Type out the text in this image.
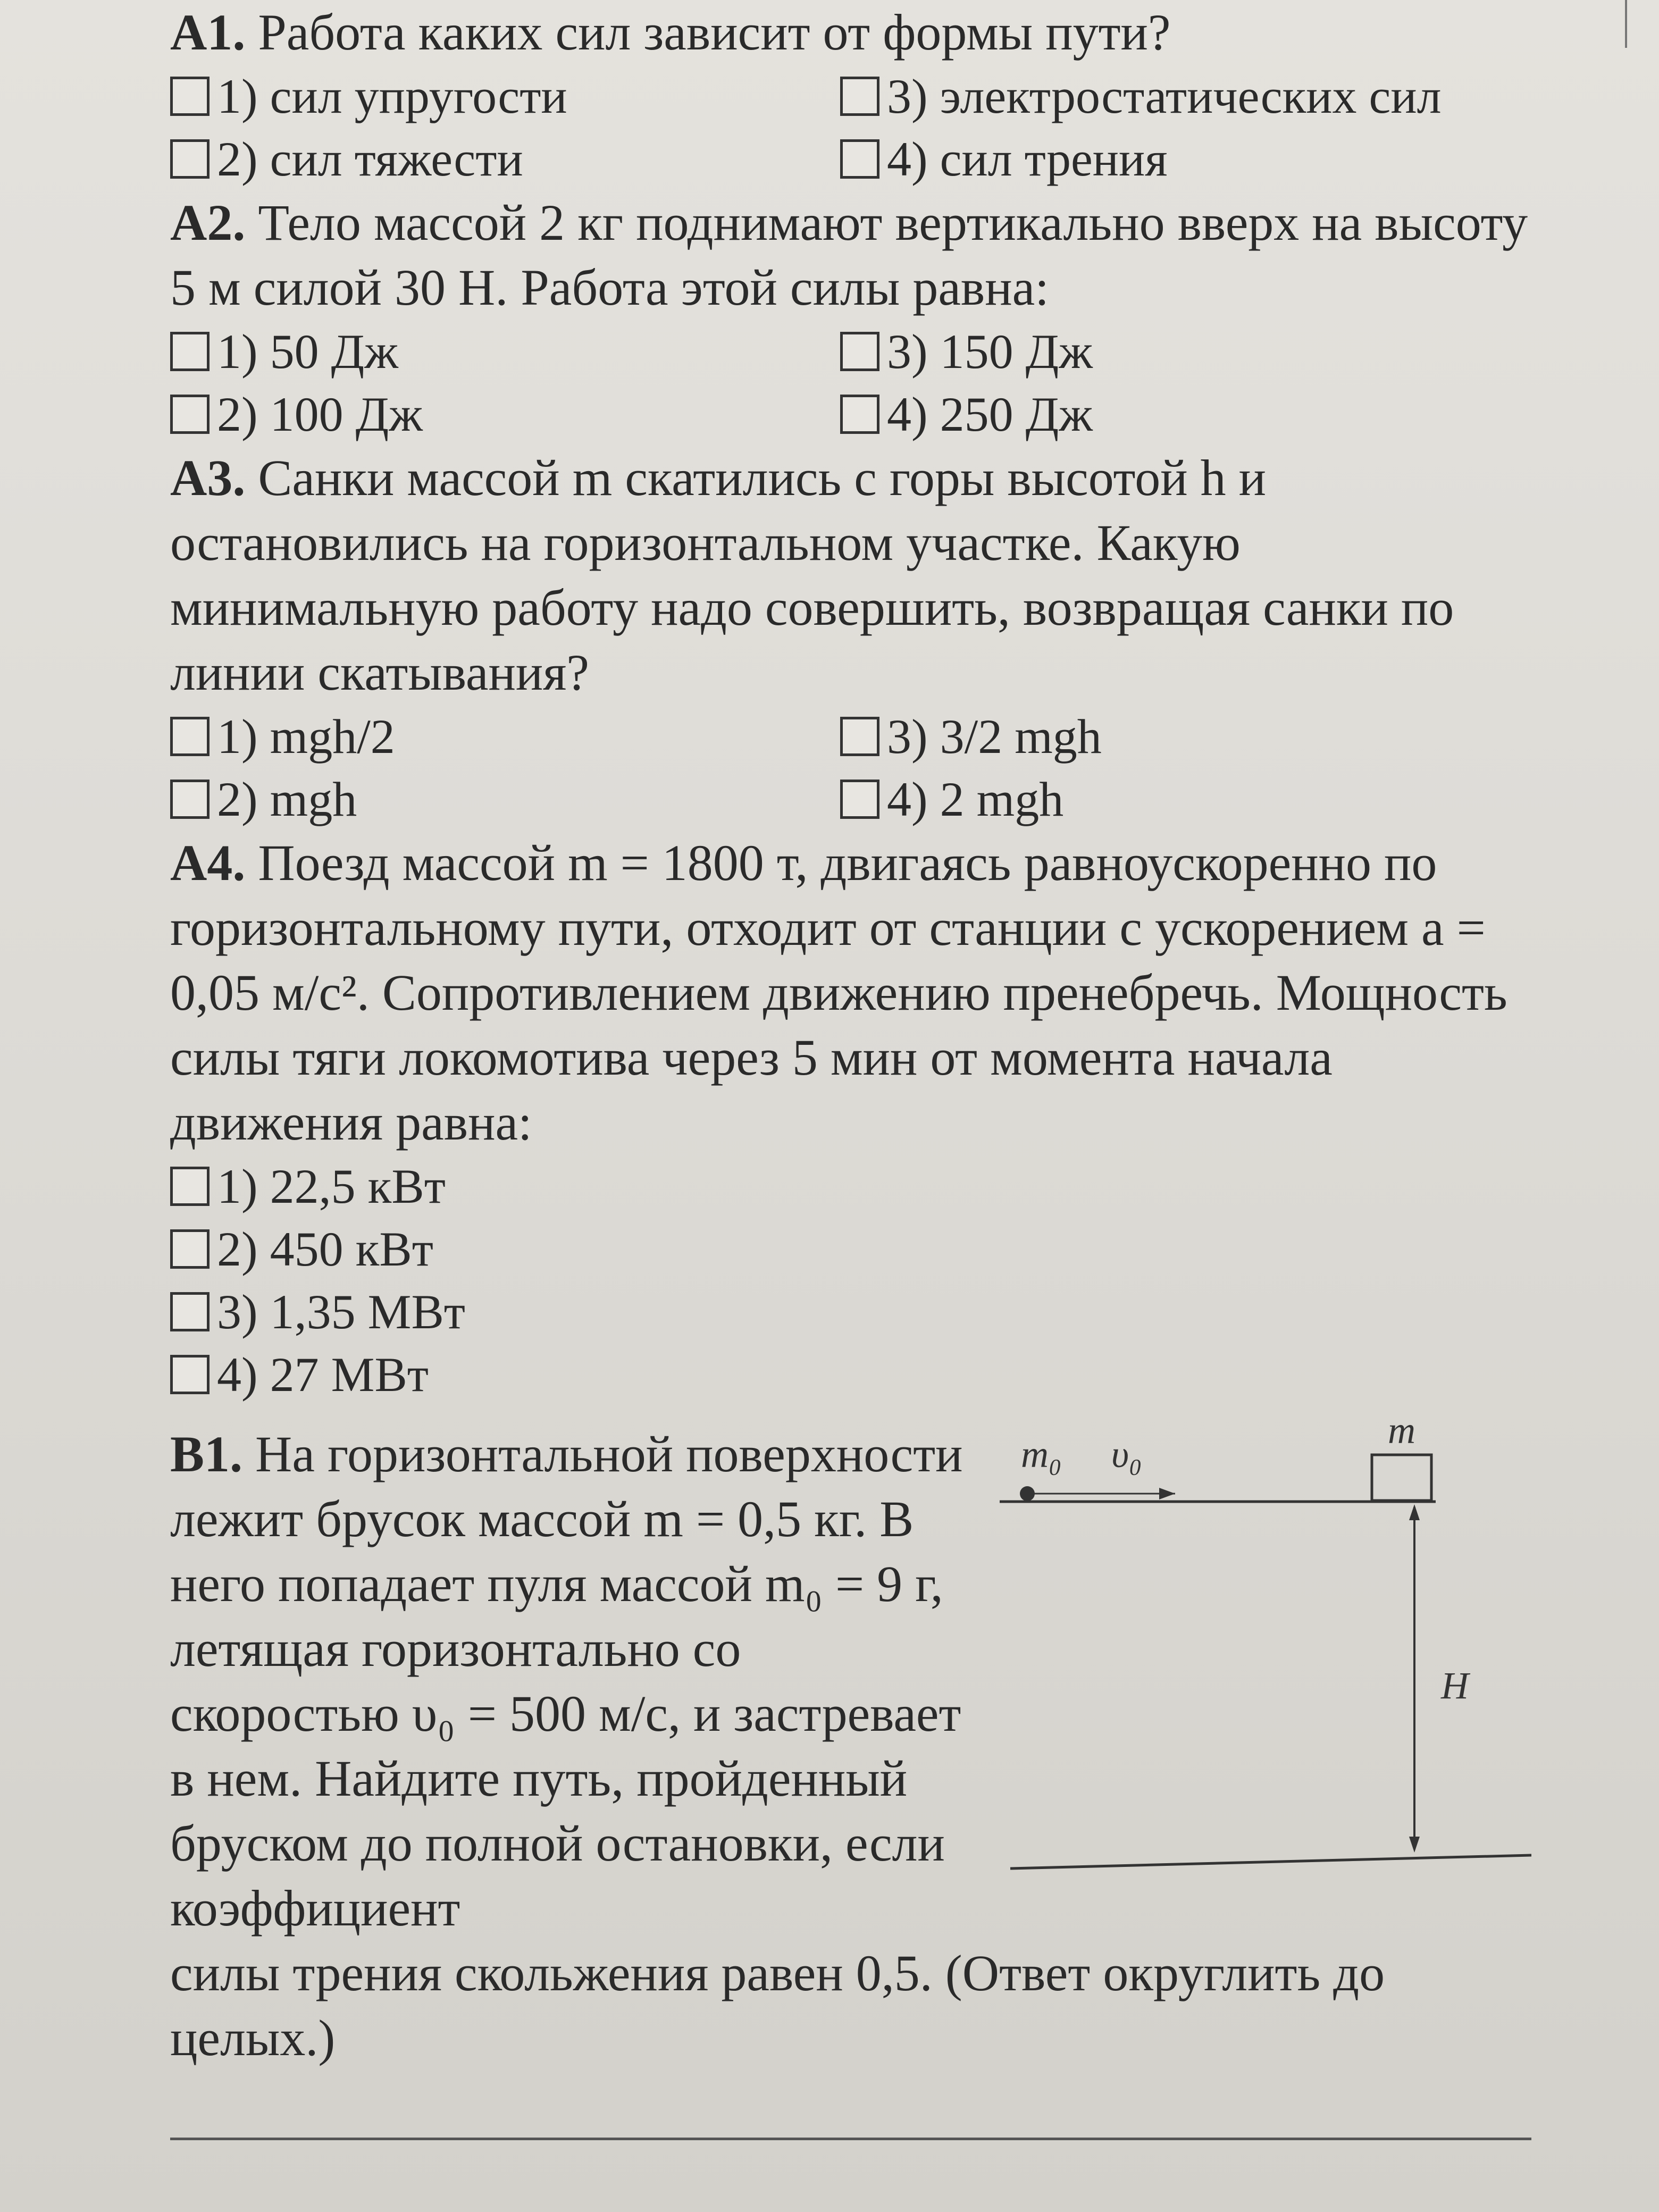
A1. Работа каких сил зависит от формы пути?

1) сил упругости	3) электростатических сил
2) сил тяжести	4) сил трения

A2. Тело массой 2 кг поднимают вертикально вверх на высоту 5 м силой 30 Н. Работа этой силы равна:

1) 50 Дж	3) 150 Дж
2) 100 Дж	4) 250 Дж

A3. Санки массой m скатились с горы высотой h и остановились на горизонтальном участке. Какую минимальную работу надо совершить, возвращая санки по линии скатывания?

1) mgh/2	3) 3/2 mgh
2) mgh	4) 2 mgh

A4. Поезд массой m = 1800 т, двигаясь равноускоренно по горизонтальному пути, отходит от станции с ускорением a = 0,05 м/с². Сопротивлением движению пренебречь. Мощность силы тяги локомотива через 5 мин от момента начала движения равна:

1) 22,5 кВт
2) 450 кВт
3) 1,35 МВт
4) 27 МВт
B1. На горизонтальной поверхности лежит брусок массой m = 0,5 кг. В него попадает пуля массой m₀ = 9 г, летящая горизонтально со скоростью υ₀ = 500 м/с, и застревает в нем. Найдите путь, пройденный бруском до полной остановки, если коэффициент
силы трения скольжения равен 0,5. (Ответ округлить до целых.)
m₀ υ₀
m
H
